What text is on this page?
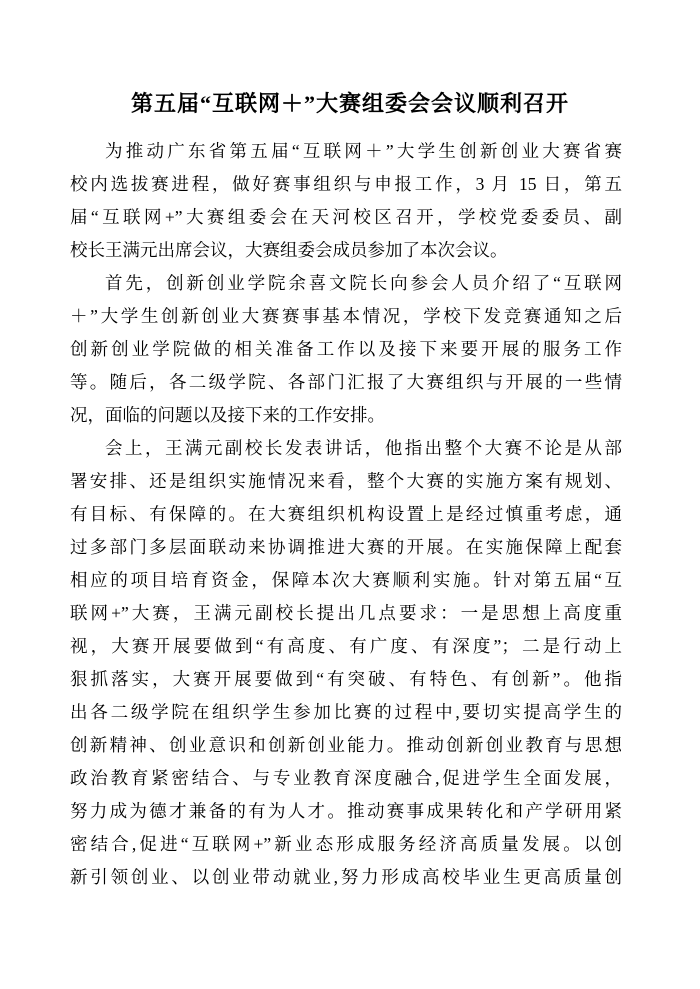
第五届“互联网＋”大赛组委会会议顺利召开
为推动广东省第五届“互联网＋”大学生创新创业大赛省赛
校内选拔赛进程，做好赛事组织与申报工作，3 月 15 日，第五
届“互联网+”大赛组委会在天河校区召开，学校党委委员、副
校长王满元出席会议，大赛组委会成员参加了本次会议。
首先，创新创业学院余喜文院长向参会人员介绍了“互联网
＋”大学生创新创业大赛赛事基本情况，学校下发竞赛通知之后
创新创业学院做的相关准备工作以及接下来要开展的服务工作
等。随后，各二级学院、各部门汇报了大赛组织与开展的一些情
况，面临的问题以及接下来的工作安排。
会上，王满元副校长发表讲话，他指出整个大赛不论是从部
署安排、还是组织实施情况来看，整个大赛的实施方案有规划、
有目标、有保障的。在大赛组织机构设置上是经过慎重考虑，通
过多部门多层面联动来协调推进大赛的开展。在实施保障上配套
相应的项目培育资金，保障本次大赛顺利实施。针对第五届“互
联网+”大赛，王满元副校长提出几点要求：一是思想上高度重
视，大赛开展要做到“有高度、有广度、有深度”；二是行动上
狠抓落实，大赛开展要做到“有突破、有特色、有创新”。他指
出各二级学院在组织学生参加比赛的过程中,要切实提高学生的
创新精神、创业意识和创新创业能力。推动创新创业教育与思想
政治教育紧密结合、与专业教育深度融合,促进学生全面发展，
努力成为德才兼备的有为人才。推动赛事成果转化和产学研用紧
密结合,促进“互联网+”新业态形成服务经济高质量发展。以创
新引领创业、以创业带动就业,努力形成高校毕业生更高质量创
